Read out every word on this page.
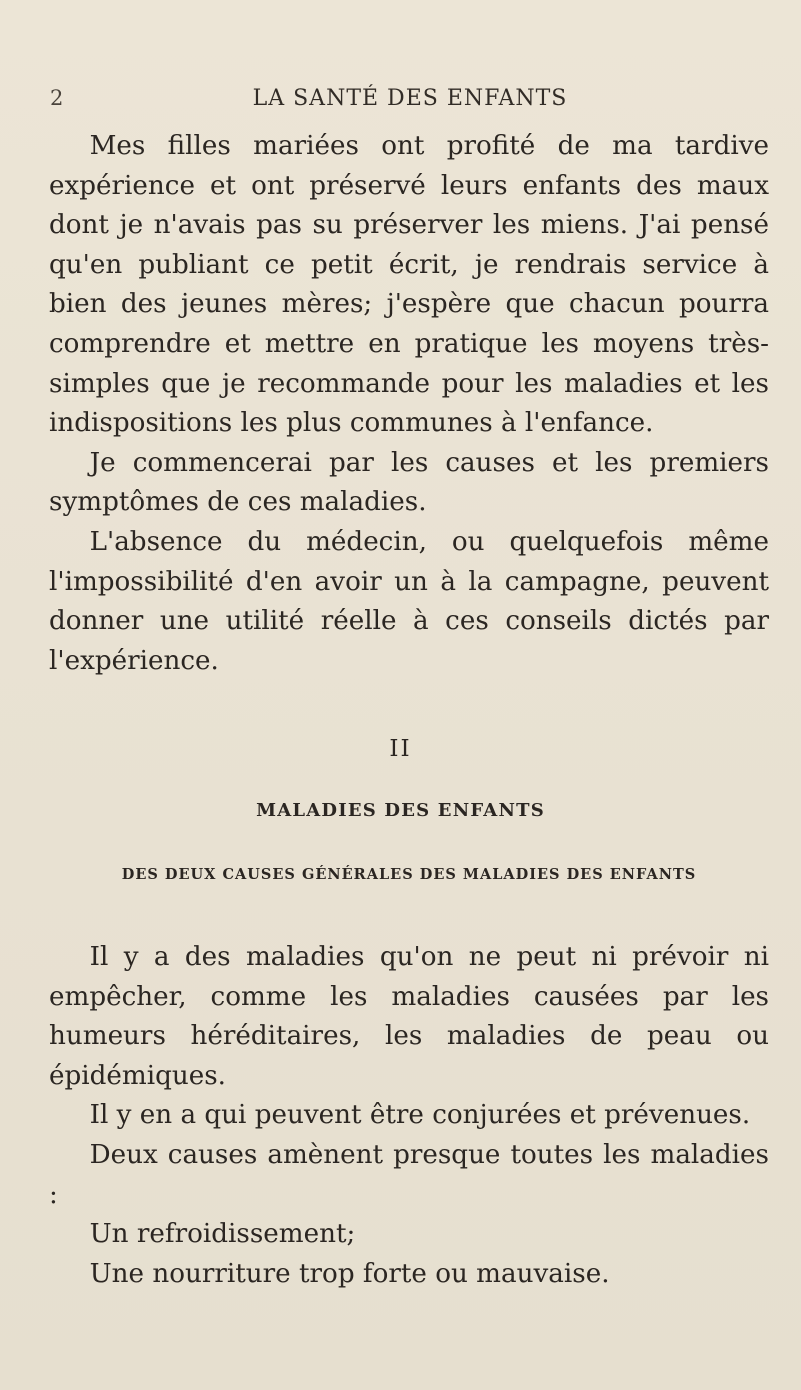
2	LA SANTÉ DES ENFANTS

Mes filles mariées ont profité de ma tardive expérience et ont préservé leurs enfants des maux dont je n'avais pas su préserver les miens. J'ai pensé qu'en publiant ce petit écrit, je rendrais service à bien des jeunes mères; j'espère que chacun pourra comprendre et mettre en pratique les moyens très-simples que je recommande pour les maladies et les indispositions les plus communes à l'enfance.

Je commencerai par les causes et les premiers symptômes de ces maladies.

L'absence du médecin, ou quelquefois même l'impossibilité d'en avoir un à la campagne, peuvent donner une utilité réelle à ces conseils dictés par l'expérience.

II
MALADIES DES ENFANTS
DES DEUX CAUSES GÉNÉRALES DES MALADIES DES ENFANTS

Il y a des maladies qu'on ne peut ni prévoir ni empêcher, comme les maladies causées par les humeurs héréditaires, les maladies de peau ou épidémiques.

Il y en a qui peuvent être conjurées et prévenues.

Deux causes amènent presque toutes les maladies :

Un refroidissement;

Une nourriture trop forte ou mauvaise.
